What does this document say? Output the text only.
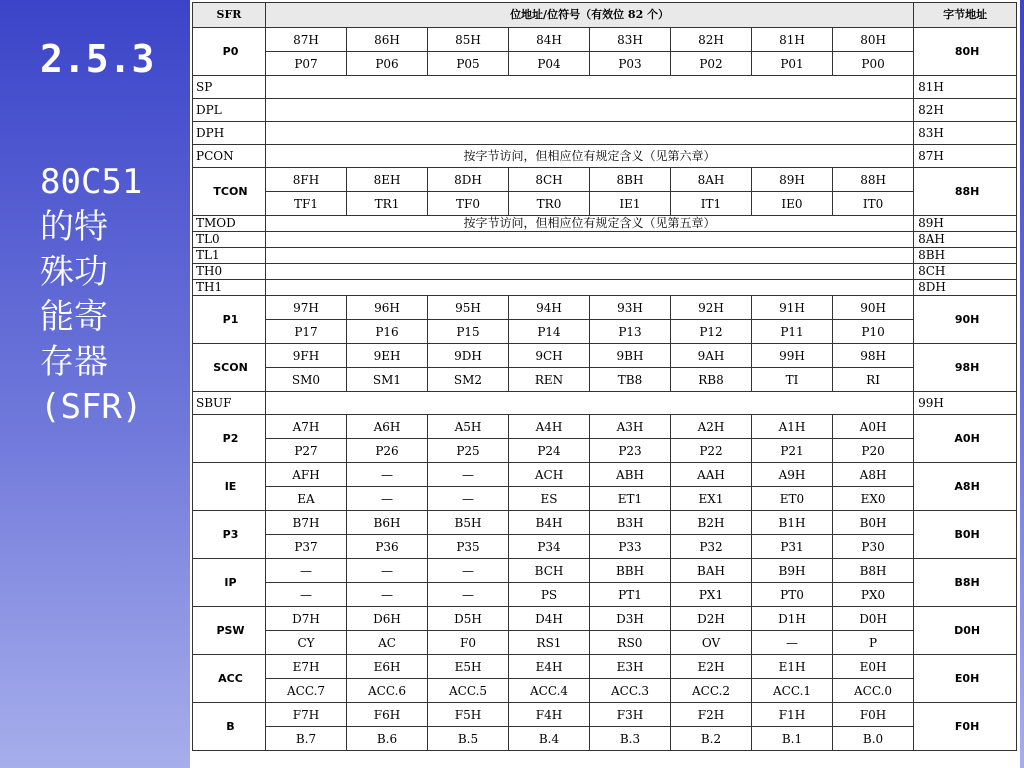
2.5.3
80C51
的特
殊功
能寄
存器
(SFR)
SFR	位地址/位符号（有效位 82 个）								字节地址
P0	87H	86H	85H	84H	83H	82H	81H	80H	80H
	P07	P06	P05	P04	P03	P02	P01	P00	
SP									81H
DPL									82H
DPH									83H
PCON	按字节访问，但相应位有规定含义（见第六章）								87H
TCON	8FH	8EH	8DH	8CH	8BH	8AH	89H	88H	88H
	TF1	TR1	TF0	TR0	IE1	IT1	IE0	IT0	
TMOD	按字节访问，但相应位有规定含义（见第五章）								89H
TL0									8AH
TL1									8BH
TH0									8CH
TH1									8DH
P1	97H	96H	95H	94H	93H	92H	91H	90H	90H
	P17	P16	P15	P14	P13	P12	P11	P10	
SCON	9FH	9EH	9DH	9CH	9BH	9AH	99H	98H	98H
	SM0	SM1	SM2	REN	TB8	RB8	TI	RI	
SBUF									99H
P2	A7H	A6H	A5H	A4H	A3H	A2H	A1H	A0H	A0H
	P27	P26	P25	P24	P23	P22	P21	P20	
IE	AFH	—	—	ACH	ABH	AAH	A9H	A8H	A8H
	EA	—	—	ES	ET1	EX1	ET0	EX0	
P3	B7H	B6H	B5H	B4H	B3H	B2H	B1H	B0H	B0H
	P37	P36	P35	P34	P33	P32	P31	P30	
IP	—	—	—	BCH	BBH	BAH	B9H	B8H	B8H
	—	—	—	PS	PT1	PX1	PT0	PX0	
PSW	D7H	D6H	D5H	D4H	D3H	D2H	D1H	D0H	D0H
	CY	AC	F0	RS1	RS0	OV	—	P	
ACC	E7H	E6H	E5H	E4H	E3H	E2H	E1H	E0H	E0H
	ACC.7	ACC.6	ACC.5	ACC.4	ACC.3	ACC.2	ACC.1	ACC.0	
B	F7H	F6H	F5H	F4H	F3H	F2H	F1H	F0H	F0H
	B.7	B.6	B.5	B.4	B.3	B.2	B.1	B.0	
